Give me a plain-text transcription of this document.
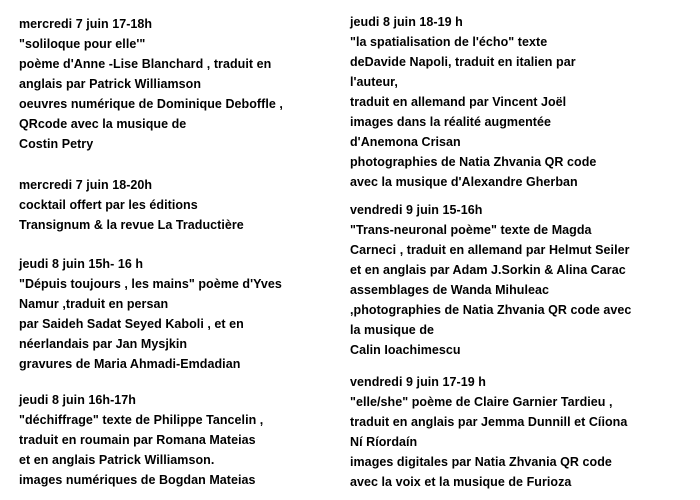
mercredi 7 juin 17-18h
"soliloque pour elle'"
poème d'Anne -Lise Blanchard , traduit en
anglais par Patrick Williamson
oeuvres numérique de Dominique Deboffle ,
QRcode avec la musique de
Costin Petry
mercredi 7 juin 18-20h
cocktail offert par les éditions
Transignum & la revue La Traductière
jeudi 8 juin 15h- 16 h
"Dépuis toujours , les mains" poème d'Yves
Namur ,traduit en persan
par Saideh Sadat Seyed Kaboli , et en
néerlandais par Jan Mysjkin
gravures de Maria Ahmadi-Emdadian
jeudi 8 juin 16h-17h
"déchiffrage" texte de Philippe Tancelin ,
traduit en roumain par Romana Mateias
et en anglais Patrick Williamson.
images numériques de Bogdan Mateias
jeudi 8 juin 18-19 h
"la spatialisation de l'écho" texte
deDavide Napoli, traduit en italien par
l'auteur,
traduit en allemand par Vincent Joël
images dans la réalité augmentée
d'Anemona Crisan
photographies de Natia Zhvania QR code
avec la musique d'Alexandre Gherban
vendredi 9 juin 15-16h
"Trans-neuronal poème" texte de Magda
Carneci , traduit en allemand par Helmut Seiler
et en anglais par Adam J.Sorkin & Alina Carac
assemblages de Wanda Mihuleac
,photographies de Natia Zhvania QR code avec
la musique de
Calin Ioachimescu
vendredi 9 juin 17-19 h
"elle/she" poème de Claire Garnier Tardieu ,
traduit en anglais par Jemma Dunnill et Cíiona
Ní Ríordaín
images digitales par Natia Zhvania QR code
avec la voix et la musique de Furioza
